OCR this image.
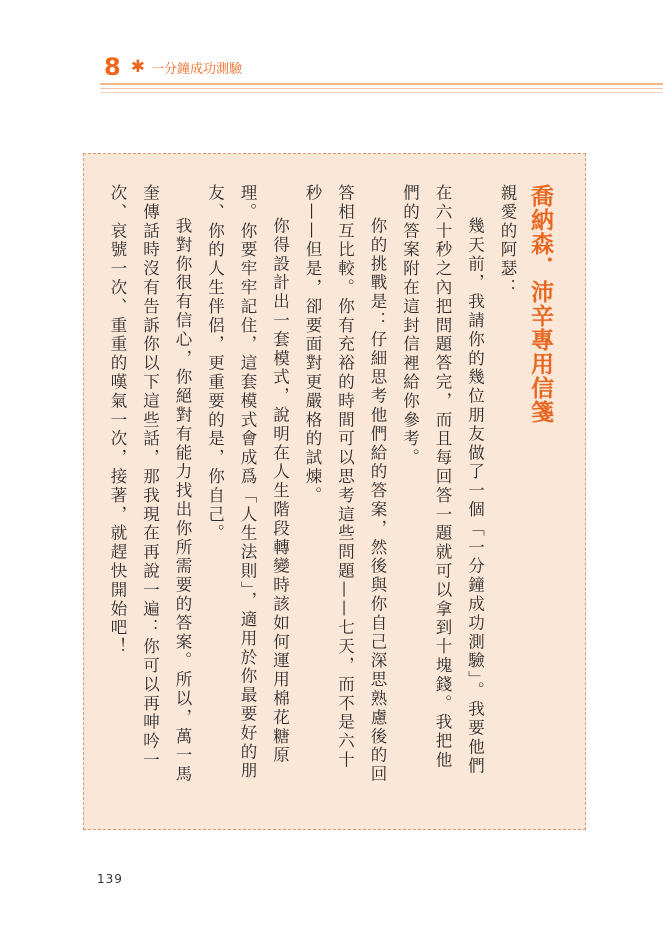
8 ✱ 一分鐘成功測驗
喬納森．沛辛專用信箋
親愛的阿瑟：
幾天前，我請你的幾位朋友做了一個「一分鐘成功測驗」。我要他們在六十秒之內把問題答完，而且每回答一題就可以拿到十塊錢。我把他們的答案附在這封信裡給你參考。
你的挑戰是：仔細思考他們給的答案，然後與你自己深思熟慮後的回答相互比較。你有充裕的時間可以思考這些問題——七天，而不是六十秒——但是，卻要面對更嚴格的試煉。
你得設計出一套模式，說明在人生階段轉變時該如何運用棉花糖原理。你要牢牢記住，這套模式會成爲「人生法則」，適用於你最要好的朋友、你的人生伴侶，更重要的是，你自己。
我對你很有信心，你絕對有能力找出你所需要的答案。所以，萬一馬奎傳話時沒有告訴你以下這些話，那我現在再說一遍：你可以再呻吟一次、哀號一次、重重的嘆氣一次，接著，就趕快開始吧！
139
